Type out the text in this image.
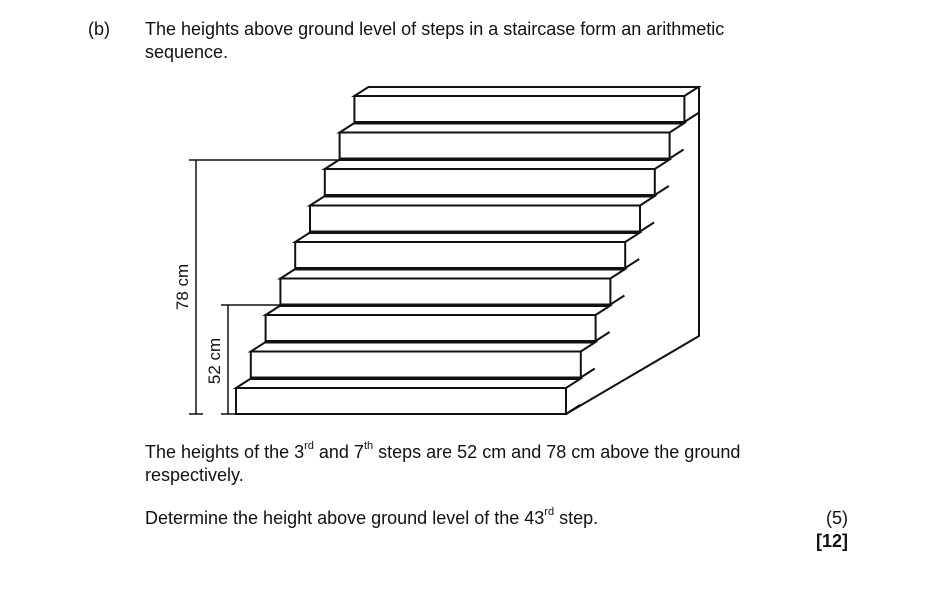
(b) The heights above ground level of steps in a staircase form an arithmetic
sequence.
78 cm
52 cm
The heights of the 3rd and 7th steps are 52 cm and 78 cm above the ground
respectively.
Determine the height above ground level of the 43rd step.	(5)
[12]
